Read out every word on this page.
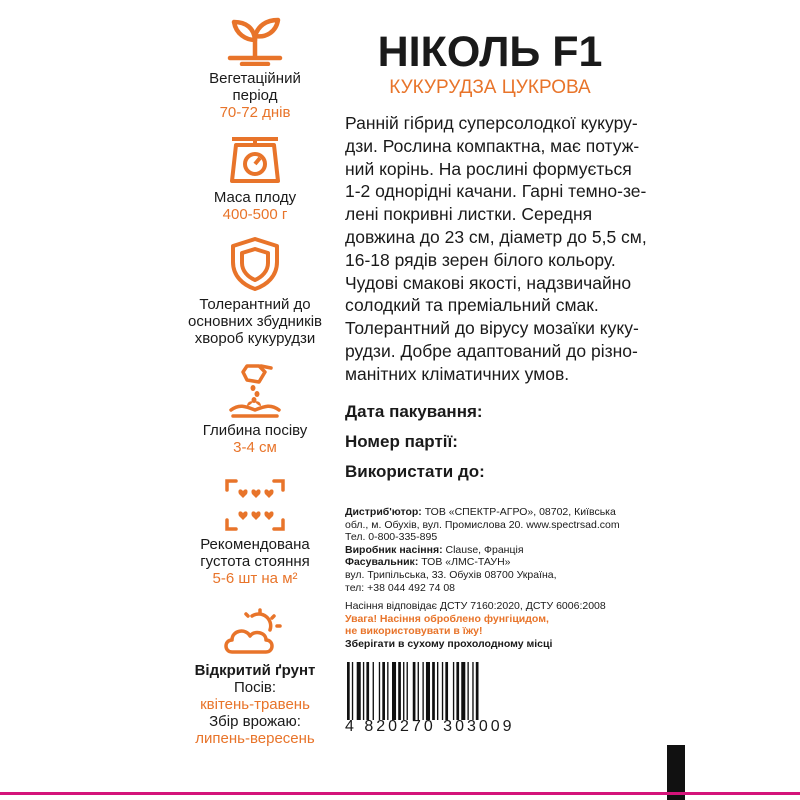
Вегетаційний
період
70-72 днів
Маса плоду
400-500 г
Толерантний до
основних збудників
хвороб кукурудзи
Глибина посіву
3-4 см
Рекомендована
густота стояння
5-6 шт на м²
Відкритий ґрунт
Посів:
квітень-травень
Збір врожаю:
липень-вересень
НІКОЛЬ F1
КУКУРУДЗА ЦУКРОВА
Ранній гібрид суперсолодкої кукуру-
дзи. Рослина компактна, має потуж-
ний корінь. На рослині формується
1-2 однорідні качани. Гарні темно-зе-
лені покривні листки. Середня
довжина до 23 см, діаметр до 5,5 см,
16-18 рядів зерен білого кольору.
Чудові смакові якості, надзвичайно
солодкий та преміальний смак.
Толерантний до вірусу мозаїки куку-
рудзи. Добре адаптований до різно-
манітних кліматичних умов.
Дата пакування:
Номер партії:
Використати до:
Дистриб'ютор: ТОВ «СПЕКТР-АГРО», 08702, Київська
обл., м. Обухів, вул. Промислова 20. www.spectrsad.com
Тел. 0-800-335-895
Виробник насіння: Clause, Франція
Фасувальник: ТОВ «ЛМС-ТАУН»
вул. Трипільська, 33. Обухів 08700 Україна,
тел: +38 044 492 74 08
Насіння відповідає ДСТУ 7160:2020, ДСТУ 6006:2008
Увага! Насіння оброблено фунгіцидом,
не використовувати в їжу!
Зберігати в сухому прохолодному місці
4 820270 303009
